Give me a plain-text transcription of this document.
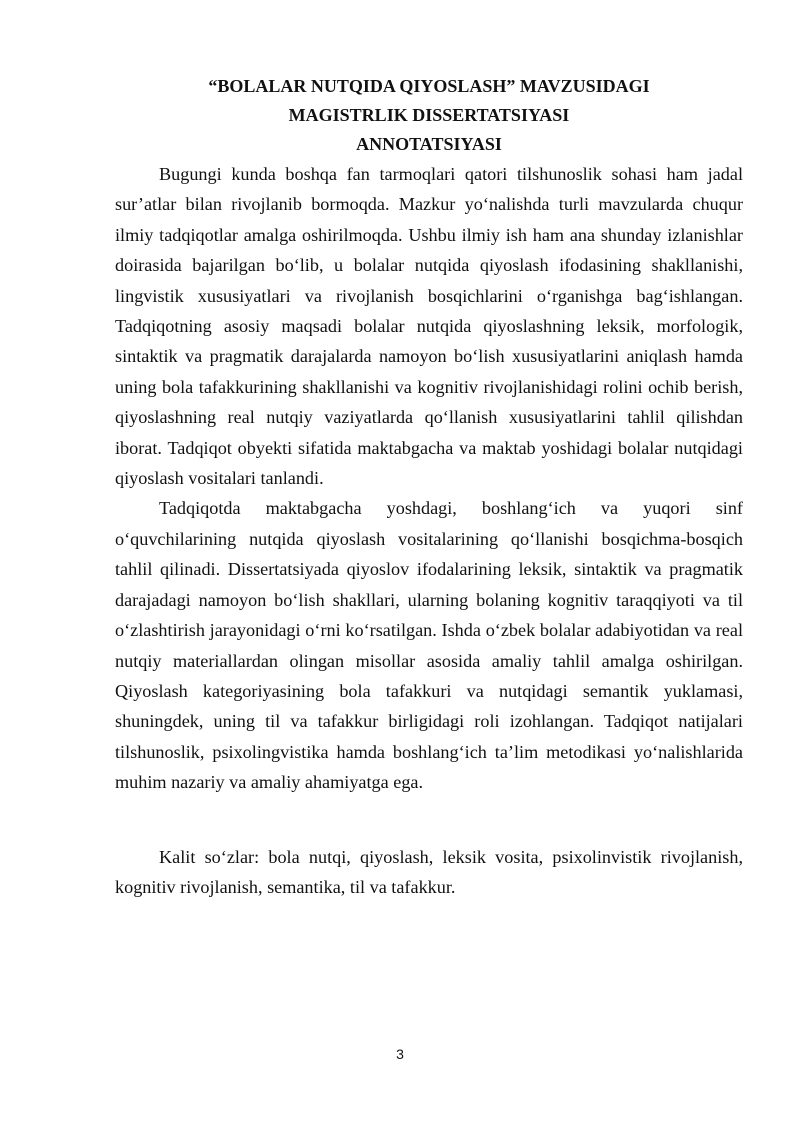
“BOLALAR NUTQIDA QIYOSLASH” MAVZUSIDAGI

MAGISTRLIK DISSERTATSIYASI

ANNOTATSIYASI

Bugungi kunda boshqa fan tarmoqlari qatori tilshunoslik sohasi ham jadal sur’atlar bilan rivojlanib bormoqda. Mazkur yo‘nalishda turli mavzularda chuqur ilmiy tadqiqotlar amalga oshirilmoqda. Ushbu ilmiy ish ham ana shunday izlanishlar doirasida bajarilgan bo‘lib, u bolalar nutqida qiyoslash ifodasining shakllanishi, lingvistik xususiyatlari va rivojlanish bosqichlarini o‘rganishga bag‘ishlangan. Tadqiqotning asosiy maqsadi bolalar nutqida qiyoslashning leksik, morfologik, sintaktik va pragmatik darajalarda namoyon bo‘lish xususiyatlarini aniqlash hamda uning bola tafakkurining shakllanishi va kognitiv rivojlanishidagi rolini ochib berish, qiyoslashning real nutqiy vaziyatlarda qo‘llanish xususiyatlarini tahlil qilishdan iborat. Tadqiqot obyekti sifatida maktabgacha va maktab yoshidagi bolalar nutqidagi qiyoslash vositalari tanlandi.

Tadqiqotda maktabgacha yoshdagi, boshlang‘ich va yuqori sinf o‘quvchilarining nutqida qiyoslash vositalarining qo‘llanishi bosqichma-bosqich tahlil qilinadi. Dissertatsiyada qiyoslov ifodalarining leksik, sintaktik va pragmatik darajadagi namoyon bo‘lish shakllari, ularning bolaning kognitiv taraqqiyoti va til o‘zlashtirish jarayonidagi o‘rni ko‘rsatilgan. Ishda o‘zbek bolalar adabiyotidan va real nutqiy materiallardan olingan misollar asosida amaliy tahlil amalga oshirilgan. Qiyoslash kategoriyasining bola tafakkuri va nutqidagi semantik yuklamasi, shuningdek, uning til va tafakkur birligidagi roli izohlangan. Tadqiqot natijalari tilshunoslik, psixolingvistika hamda boshlang‘ich ta’lim metodikasi yo‘nalishlarida muhim nazariy va amaliy ahamiyatga ega.

Kalit so‘zlar: bola nutqi, qiyoslash, leksik vosita, psixolinvistik rivojlanish, kognitiv rivojlanish, semantika, til va tafakkur.

3
